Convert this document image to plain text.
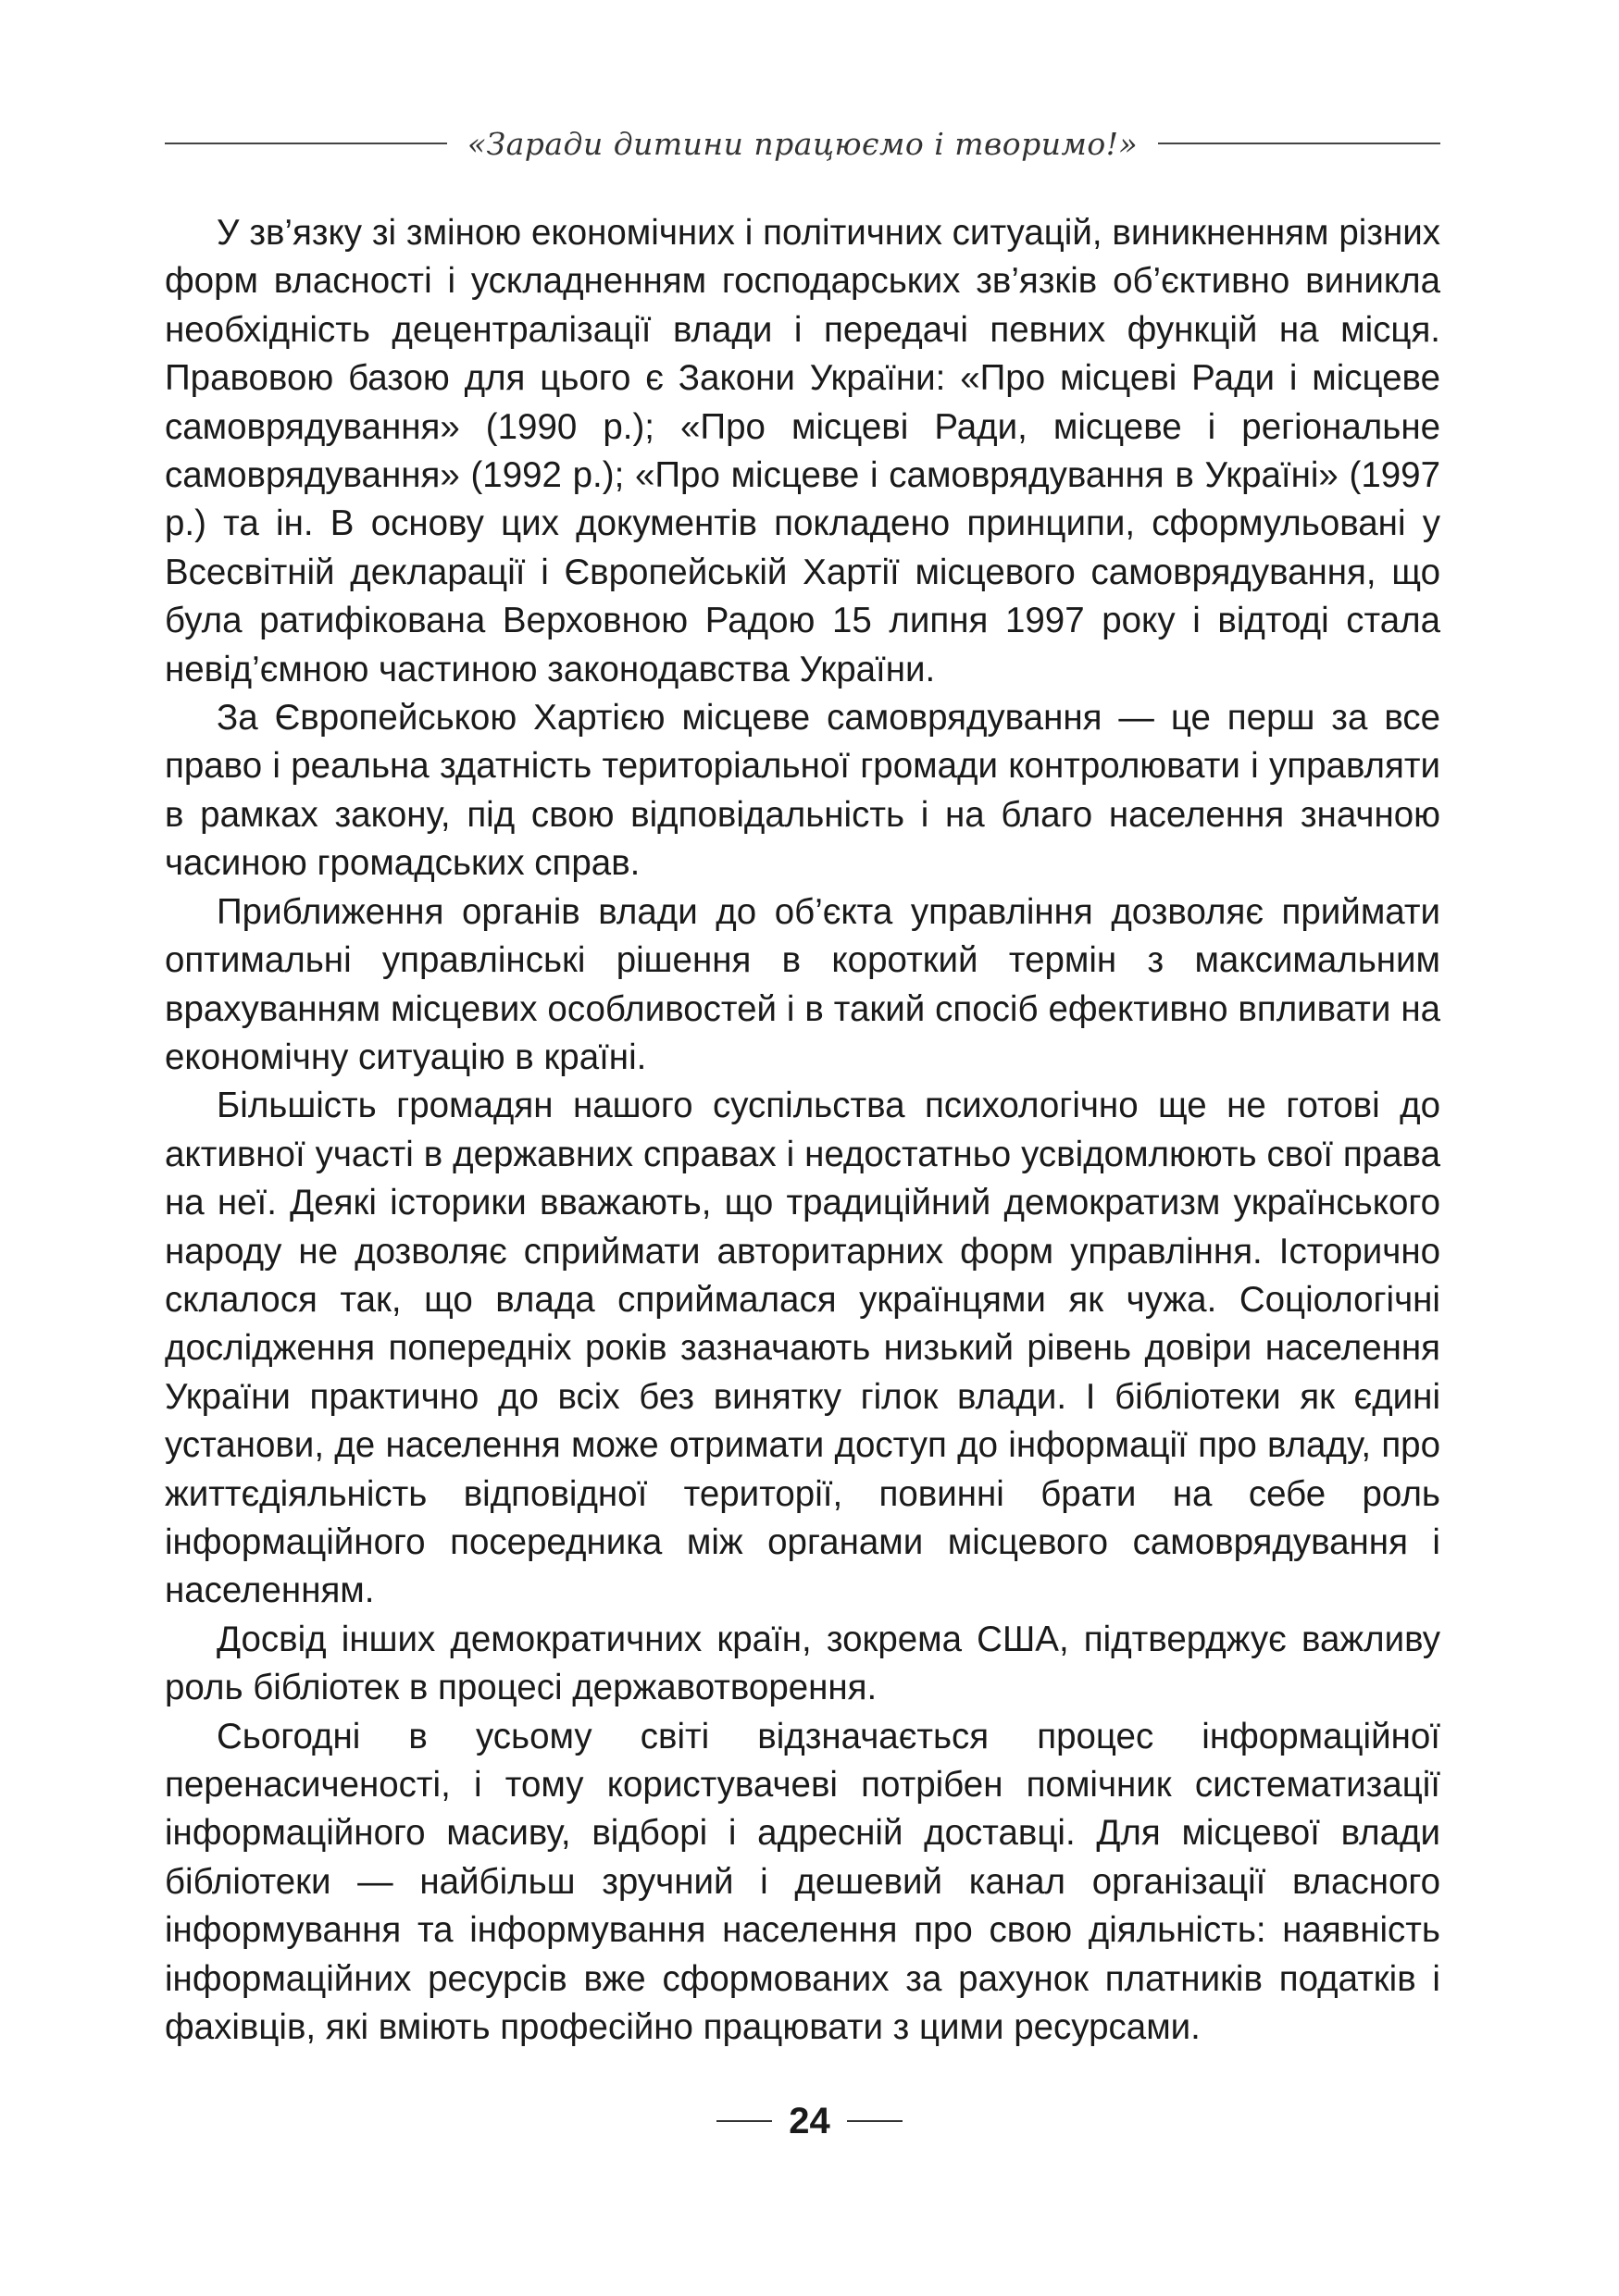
«Заради дитини працюємо і творимо!»

У зв’язку зі зміною економічних і політичних ситуацій, виникненням різних форм власності і ускладненням господарських зв’язків об’єктивно виникла необхідність децентралізації влади і передачі певних функцій на місця. Правовою базою для цього є Закони України: «Про місцеві Ради і місцеве самоврядування» (1990 р.); «Про місцеві Ради, місцеве і регіональне самоврядування» (1992 р.); «Про місцеве і самоврядування в Україні» (1997 р.) та ін. В основу цих документів покладено принципи, сформульовані у Всесвітній декларації і Європейській Хартії місцевого самоврядування, що була ратифікована Верховною Радою 15 липня 1997 року і відтоді стала невід’ємною частиною законодавства України.

За Європейською Хартією місцеве самоврядування — це перш за все право і реальна здатність територіальної громади контролювати і управляти в рамках закону, під свою відповідальність і на благо населення значною часиною громадських справ.

Приближення органів влади до об’єкта управління дозволяє приймати оптимальні управлінські рішення в короткий термін з максимальним врахуванням місцевих особливостей і в такий спосіб ефективно впливати на економічну ситуацію в країні.

Більшість громадян нашого суспільства психологічно ще не готові до активної участі в державних справах і недостатньо усвідомлюють свої права на неї. Деякі історики вважають, що традиційний демократизм українського народу не дозволяє сприймати авторитарних форм управління. Історично склалося так, що влада сприймалася українцями як чужа. Соціологічні дослідження попередніх років зазначають низький рівень довіри населення України практично до всіх без винятку гілок влади. І бібліотеки як єдині установи, де населення може отримати доступ до інформації про владу, про життєдіяльність відповідної території, повинні брати на себе роль інформаційного посередника між органами місцевого самоврядування і населенням.

Досвід інших демократичних країн, зокрема США, підтверджує важливу роль бібліотек в процесі державотворення.

Сьогодні в усьому світі відзначається процес інформаційної перенасиченості, і тому користувачеві потрібен помічник систематизації інформаційного масиву, відборі і адресній доставці. Для місцевої влади бібліотеки — найбільш зручний і дешевий канал організації власного інформування та інформування населення про свою діяльність: наявність інформаційних ресурсів вже сформованих за рахунок платників податків і фахівців, які вміють професійно працювати з цими ресурсами.

24
